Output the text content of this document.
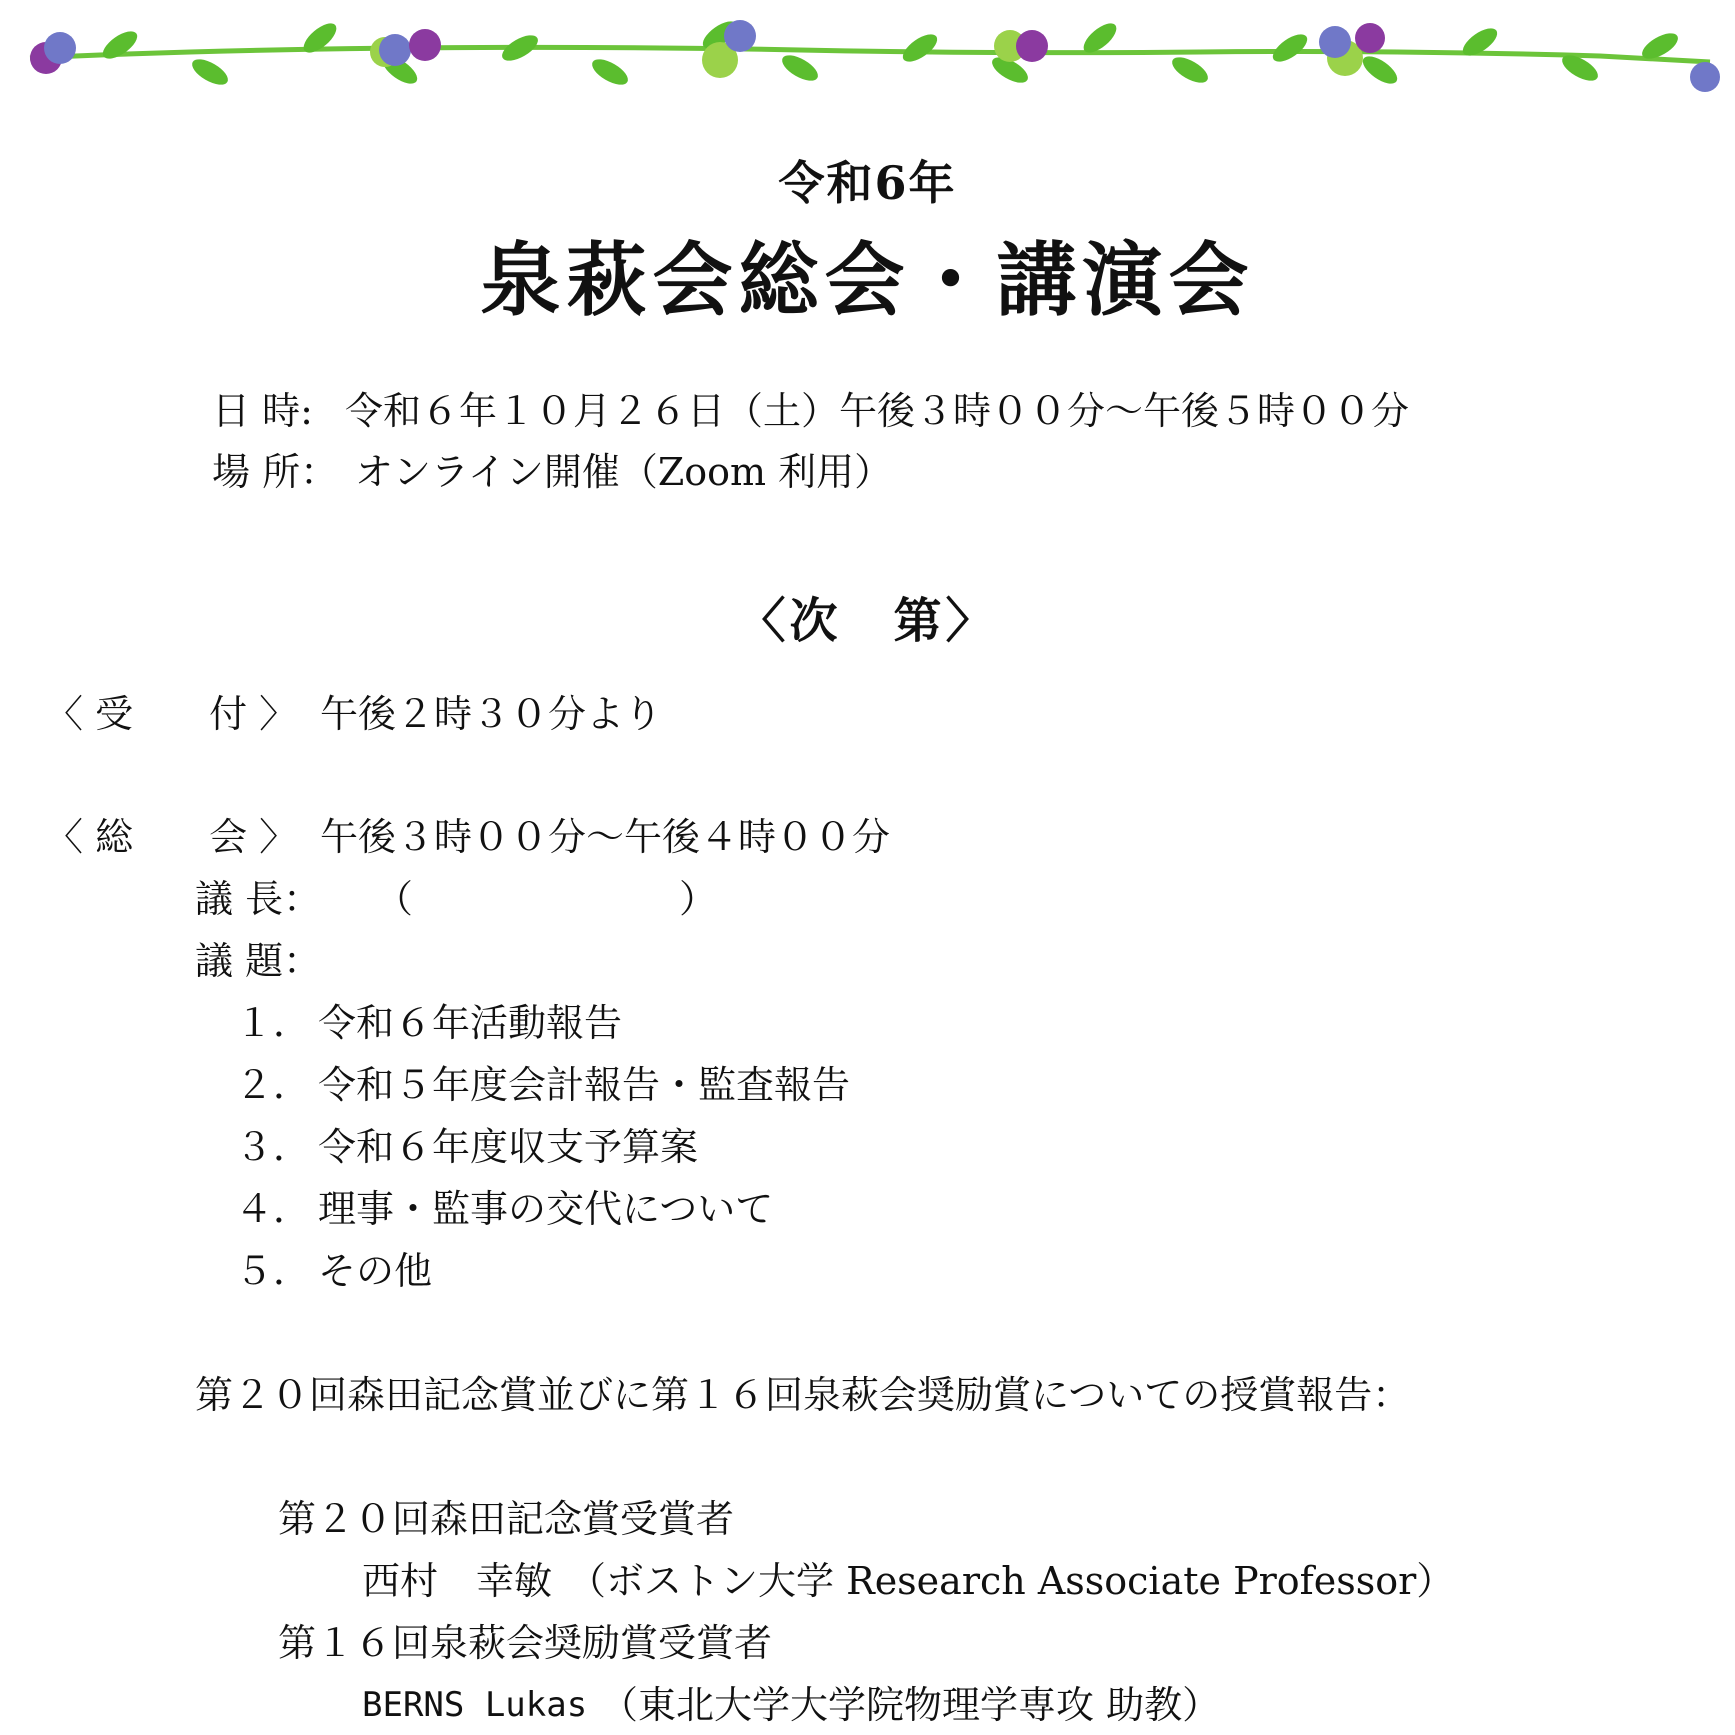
令和6年
泉萩会総会・講演会
日 時: 令和６年１０月２６日（土）午後３時００分～午後５時００分
場 所： オンライン開催（Zoom 利用）
〈次　第〉
〈 受　　付 〉 午後２時３０分より
〈 総　　会 〉 午後３時００分～午後４時００分
議 長： （　　　　　　　）
議 題：
１． 令和６年活動報告
２． 令和５年度会計報告・監査報告
３． 令和６年度収支予算案
４． 理事・監事の交代について
５． その他
第２０回森田記念賞並びに第１６回泉萩会奨励賞についての授賞報告：
第２０回森田記念賞受賞者
西村　幸敏 （ボストン大学 Research Associate Professor）
第１６回泉萩会奨励賞受賞者
BERNS Lukas （東北大学大学院物理学専攻 助教）
